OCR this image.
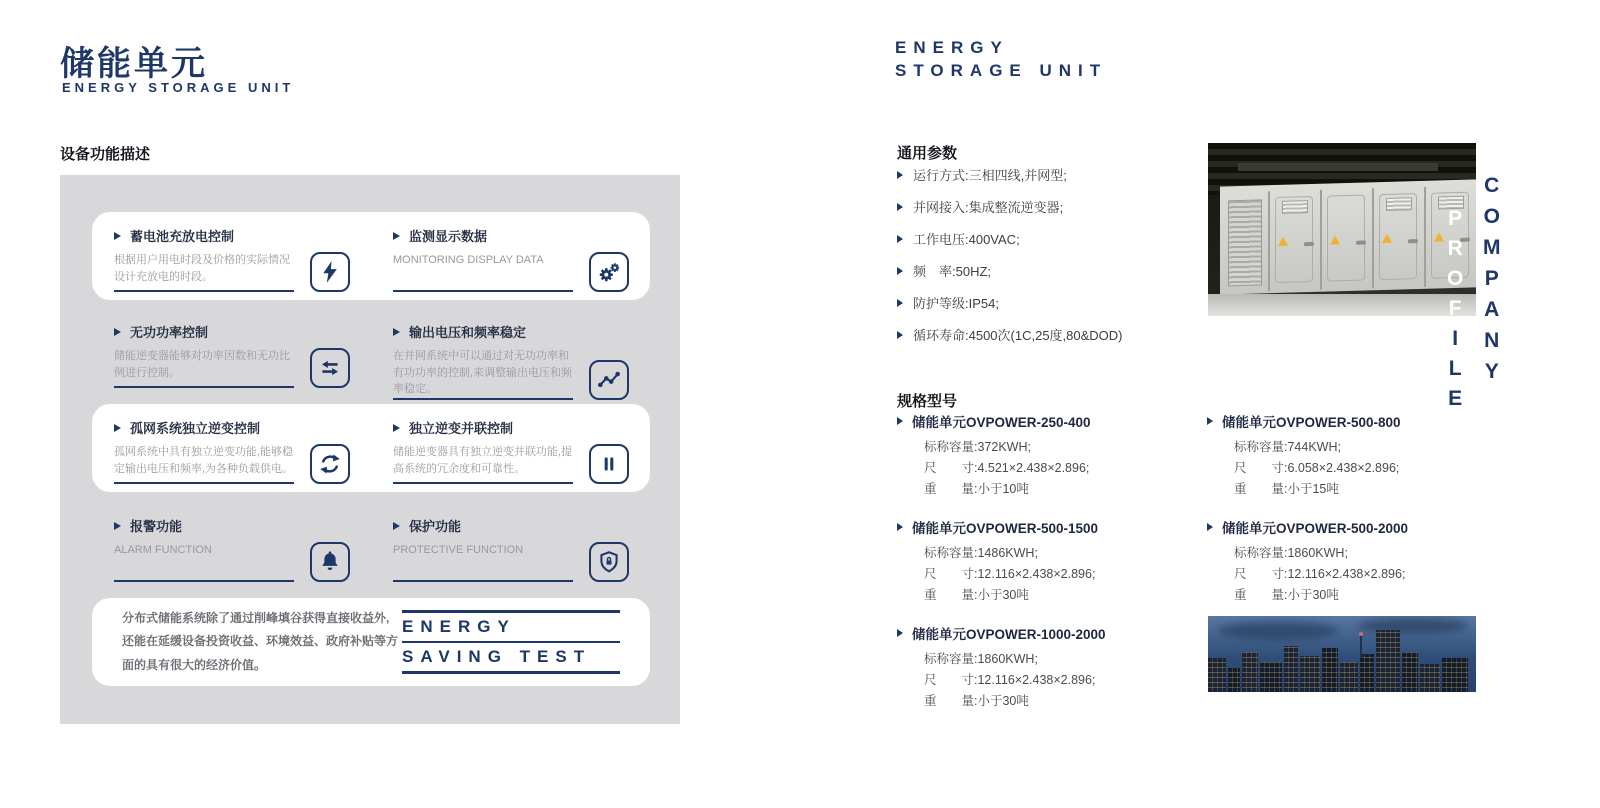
储能单元
ENERGY STORAGE UNIT
设备功能描述
蓄电池充放电控制

根据用户用电时段及价格的实际情况设计充放电的时段。

监测显示数据

MONITORING DISPLAY DATA

无功功率控制

储能逆变器能够对功率因数和无功比例进行控制。

输出电压和频率稳定

在并网系统中可以通过对无功功率和有功功率的控制,来调整输出电压和频率稳定。

孤网系统独立逆变控制

孤网系统中具有独立逆变功能,能够稳定输出电压和频率,为各种负载供电。

独立逆变并联控制

储能逆变器具有独立逆变并联功能,提高系统的冗余度和可靠性。

报警功能

ALARM FUNCTION

保护功能

PROTECTIVE FUNCTION

分布式储能系统除了通过削峰填谷获得直接收益外,还能在延缓设备投资收益、环境效益、政府补贴等方面的具有很大的经济价值。

ENERGY
SAVING TEST
ENERGY
STORAGE UNIT
通用参数
运行方式:三相四线,并网型;
并网接入:集成整流逆变器;
工作电压:400VAC;
频　率:50HZ;
防护等级:IP54;
循环寿命:4500次(1C,25度,80&DOD)
C
O
M
P
A
N
Y
P
R
O
F
I
L
E
规格型号
储能单元OVPOWER-250-400
标称容量:372KWH;
尺　　寸:4.521×2.438×2.896;
重　　量:小于10吨
储能单元OVPOWER-500-1500
标称容量:1486KWH;
尺　　寸:12.116×2.438×2.896;
重　　量:小于30吨
储能单元OVPOWER-1000-2000
标称容量:1860KWH;
尺　　寸:12.116×2.438×2.896;
重　　量:小于30吨
储能单元OVPOWER-500-800
标称容量:744KWH;
尺　　寸:6.058×2.438×2.896;
重　　量:小于15吨
储能单元OVPOWER-500-2000
标称容量:1860KWH;
尺　　寸:12.116×2.438×2.896;
重　　量:小于30吨
